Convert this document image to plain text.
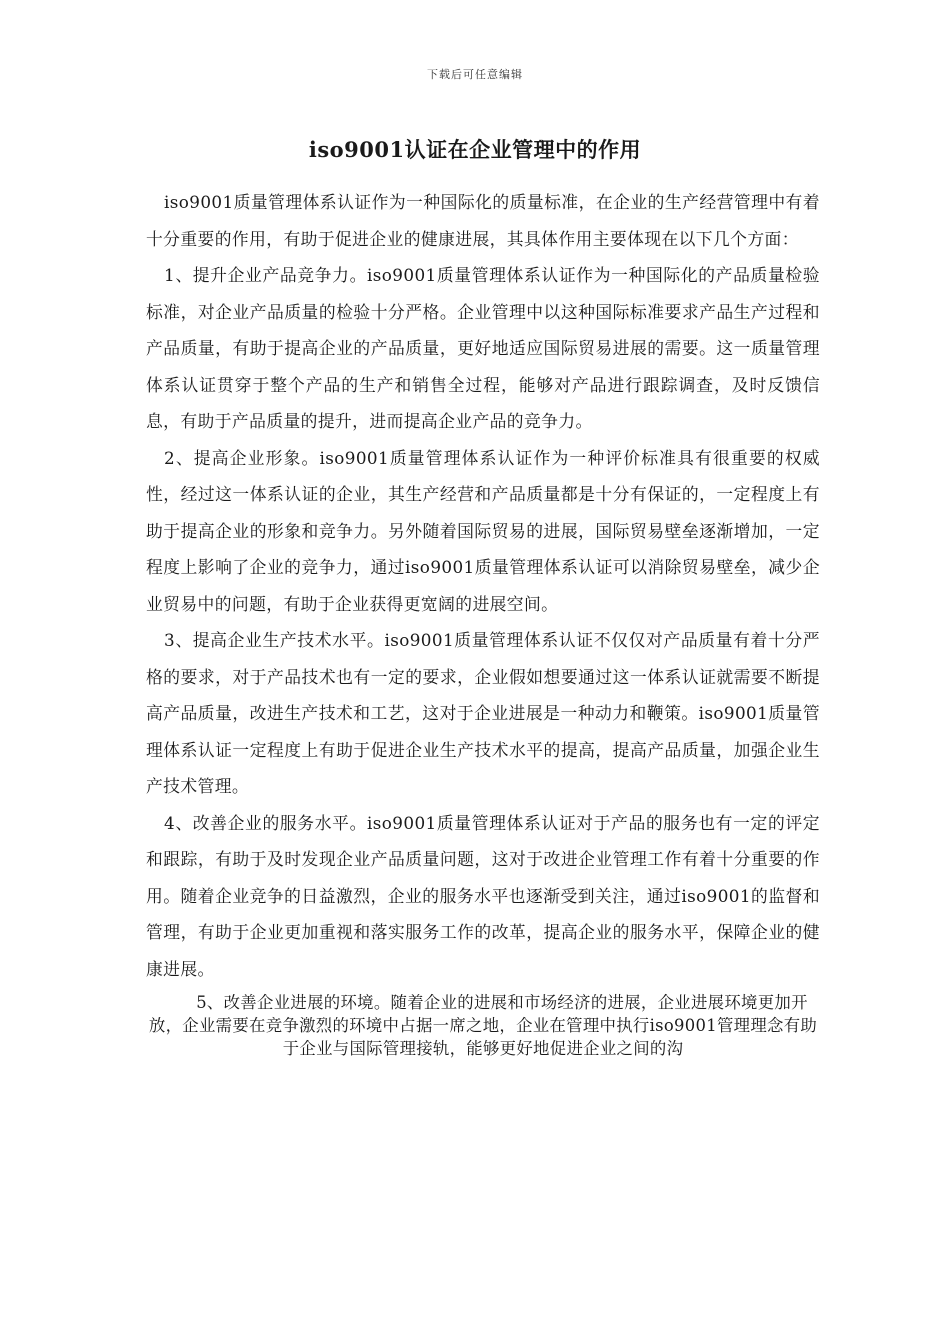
下载后可任意编辑
iso9001认证在企业管理中的作用

iso9001质量管理体系认证作为一种国际化的质量标准，在企业的生产经营管理中有着十分重要的作用，有助于促进企业的健康进展，其具体作用主要体现在以下几个方面：

1、提升企业产品竞争力。iso9001质量管理体系认证作为一种国际化的产品质量检验标准，对企业产品质量的检验十分严格。企业管理中以这种国际标准要求产品生产过程和产品质量，有助于提高企业的产品质量，更好地适应国际贸易进展的需要。这一质量管理体系认证贯穿于整个产品的生产和销售全过程，能够对产品进行跟踪调查，及时反馈信息，有助于产品质量的提升，进而提高企业产品的竞争力。

2、提高企业形象。iso9001质量管理体系认证作为一种评价标准具有很重要的权威性，经过这一体系认证的企业，其生产经营和产品质量都是十分有保证的，一定程度上有助于提高企业的形象和竞争力。另外随着国际贸易的进展，国际贸易壁垒逐渐增加，一定程度上影响了企业的竞争力，通过iso9001质量管理体系认证可以消除贸易壁垒，减少企业贸易中的问题，有助于企业获得更宽阔的进展空间。

3、提高企业生产技术水平。iso9001质量管理体系认证不仅仅对产品质量有着十分严格的要求，对于产品技术也有一定的要求，企业假如想要通过这一体系认证就需要不断提高产品质量，改进生产技术和工艺，这对于企业进展是一种动力和鞭策。iso9001质量管理体系认证一定程度上有助于促进企业生产技术水平的提高，提高产品质量，加强企业生产技术管理。

4、改善企业的服务水平。iso9001质量管理体系认证对于产品的服务也有一定的评定和跟踪，有助于及时发现企业产品质量问题，这对于改进企业管理工作有着十分重要的作用。随着企业竞争的日益激烈，企业的服务水平也逐渐受到关注，通过iso9001的监督和管理，有助于企业更加重视和落实服务工作的改革，提高企业的服务水平，保障企业的健康进展。

5、改善企业进展的环境。随着企业的进展和市场经济的进展，企业进展环境更加开放，企业需要在竞争激烈的环境中占据一席之地，企业在管理中执行iso9001管理理念有助于企业与国际管理接轨，能够更好地促进企业之间的沟
